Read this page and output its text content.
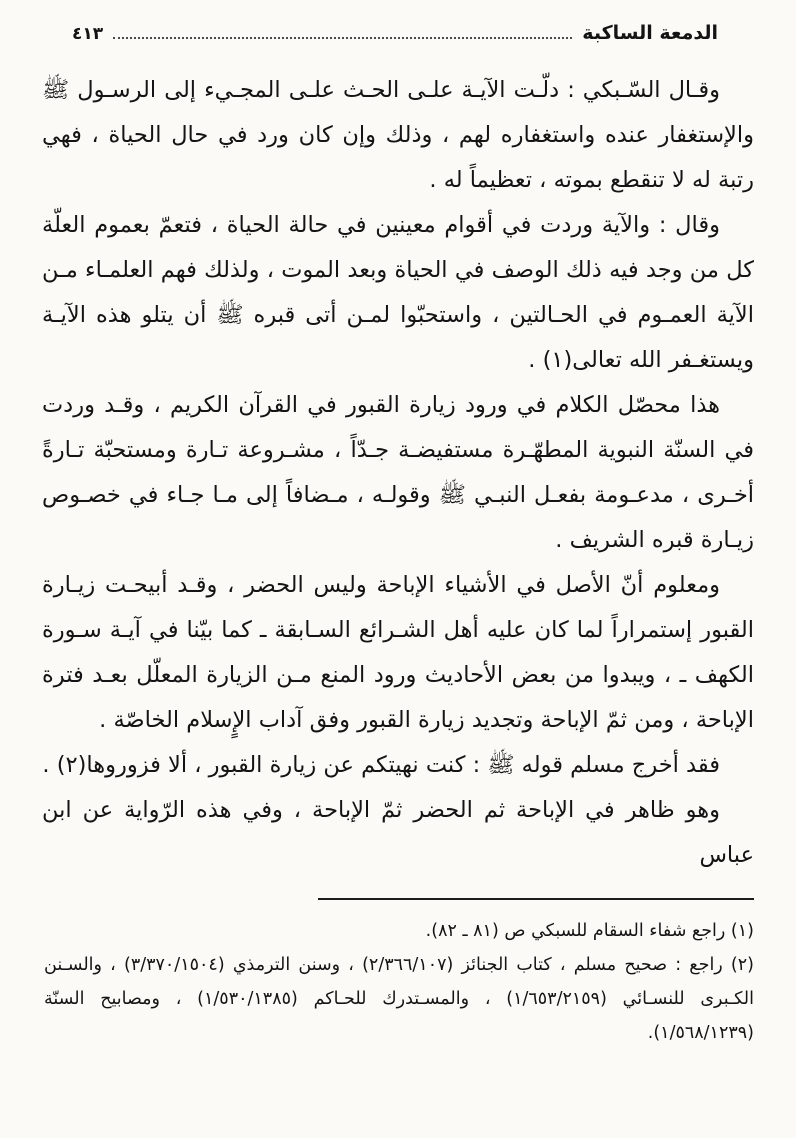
الدمعة الساكبة
٤١٣

وقـال السّـبكي : دلّـت الآيـة علـى الحـث علـى المجـيء إلى الرسـول ﷺ والإستغفار عنده واستغفاره لهم ، وذلك وإن كان ورد في حال الحياة ، فهي رتبة له لا تنقطع بموته ، تعظيماً له .

وقال : والآية وردت في أقوام معينين في حالة الحياة ، فتعمّ بعموم العلّة كل من وجد فيه ذلك الوصف في الحياة وبعد الموت ، ولذلك فهم العلمـاء مـن الآية العمـوم في الحـالتين ، واستحبّوا لمـن أتى قبره ﷺ أن يتلو هذه الآيـة ويستغـفر الله تعالى(١) .

هذا محصّل الكلام في ورود زيارة القبور في القرآن الكريم ، وقـد وردت في السنّة النبوية المطهّـرة مستفيضـة جـدّاً ، مشـروعة تـارة ومستحبّة تـارةً أخـرى ، مدعـومة بفعـل النبـي ﷺ وقولـه ، مـضافاً إلى مـا جـاء في خصـوص زيـارة قبره الشريف .

ومعلوم أنّ الأصل في الأشياء الإباحة وليس الحضر ، وقـد أبيحـت زيـارة القبور إستمراراً لما كان عليه أهل الشـرائع السـابقة ـ كما بيّنا في آيـة سـورة الكهف ـ ، ويبدوا من بعض الأحاديث ورود المنع مـن الزيارة المعلّل بعـد فترة الإباحة ، ومن ثمّ الإباحة وتجديد زيارة القبور وفق آداب الإٍسلام الخاصّة .

فقد أخرج مسلم قوله ﷺ : كنت نهيتكم عن زيارة القبور ، ألا فزوروها(٢) .

وهو ظاهر في الإباحة ثم الحضر ثمّ الإباحة ، وفي هذه الرّواية عن ابن عباس

(١) راجع شفاء السقام للسبكي ص (٨١ ـ ٨٢).

(٢) راجع : صحيح مسلم ، كتاب الجنائز (٢/٣٦٦/١٠٧) ، وسنن الترمذي (٣/٣٧٠/١٥٠٤) ، والسـنن الكـبرى للنسـائي (١/٦٥٣/٢١٥٩) ، والمسـتدرك للحـاكم (١/٥٣٠/١٣٨٥) ، ومصابيح السنّة (١/٥٦٨/١٢٣٩).
